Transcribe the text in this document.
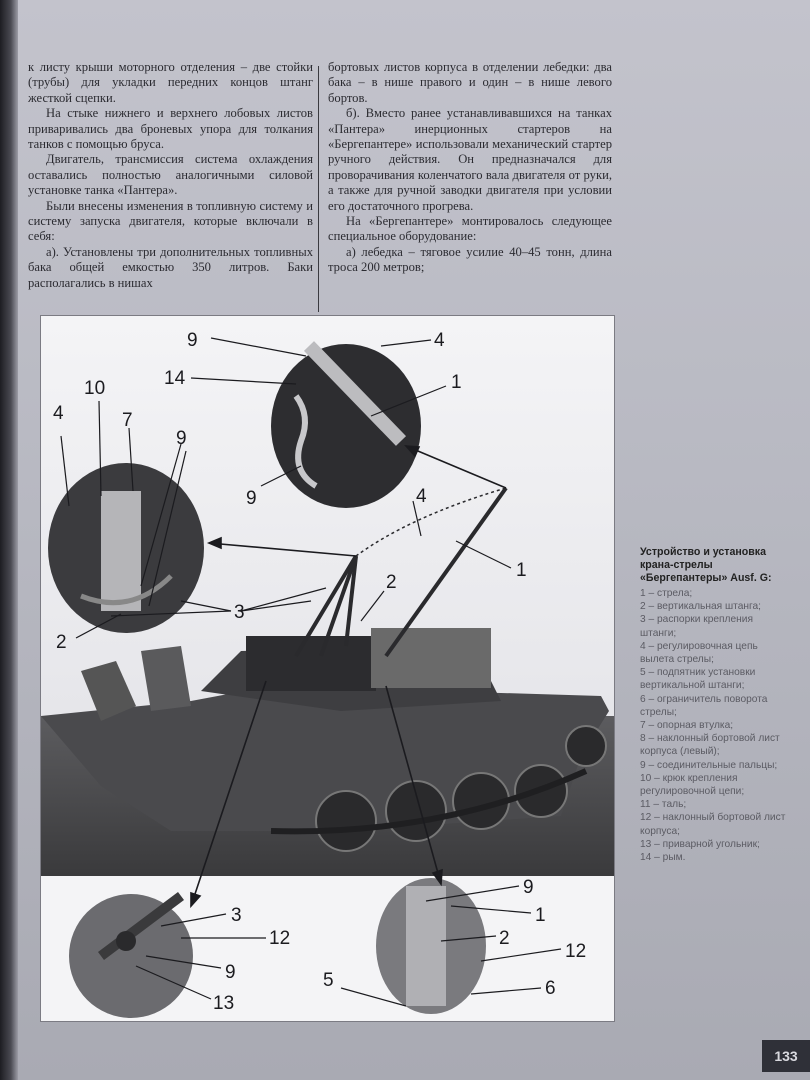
к листу крыши моторного отделения – две стойки (трубы) для укладки передних концов штанг жесткой сцепки.

На стыке нижнего и верхнего лобовых листов приваривались два броневых упора для толкания танков с помощью бруса.

Двигатель, трансмиссия система охлаждения оставались полностью аналогичными силовой установке танка «Пантера».

Были внесены изменения в топливную систему и систему запуска двигателя, которые включали в себя:

а). Установлены три дополнительных топливных бака общей емкостью 350 литров. Баки располагались в нишах

бортовых листов корпуса в отделении лебедки: два бака – в нише правого и один – в нише левого бортов.

б). Вместо ранее устанавливавшихся на танках «Пантера» инерционных стартеров на «Бергепантере» использовали механический стартер ручного действия. Он предназначался для проворачивания коленчатого вала двигателя от руки, а также для ручной заводки двигателя при условии его достаточного прогрева.

На «Бергепантере» монтировалось следующее специальное оборудование:

а) лебедка – тяговое усилие 40–45 тонн, длина троса 200 метров;

9	4
14	1
9
10
4	7
9
2
4
1
2
3
3
12
9
13
9
1
2
12
5	6
Устройство и установка крана-стрелы «Бергепантеры» Ausf. G:
1 – стрела;
2 – вертикальная штанга;
3 – распорки крепления штанги;
4 – регулировочная цепь вылета стрелы;
5 – подпятник установки вертикальной штанги;
6 – ограничитель поворота стрелы;
7 – опорная втулка;
8 – наклонный бортовой лист корпуса (левый);
9 – соединительные пальцы;
10 – крюк крепления регулировочной цепи;
11 – таль;
12 – наклонный бортовой лист корпуса;
13 – приварной угольник;
14 – рым.
133
